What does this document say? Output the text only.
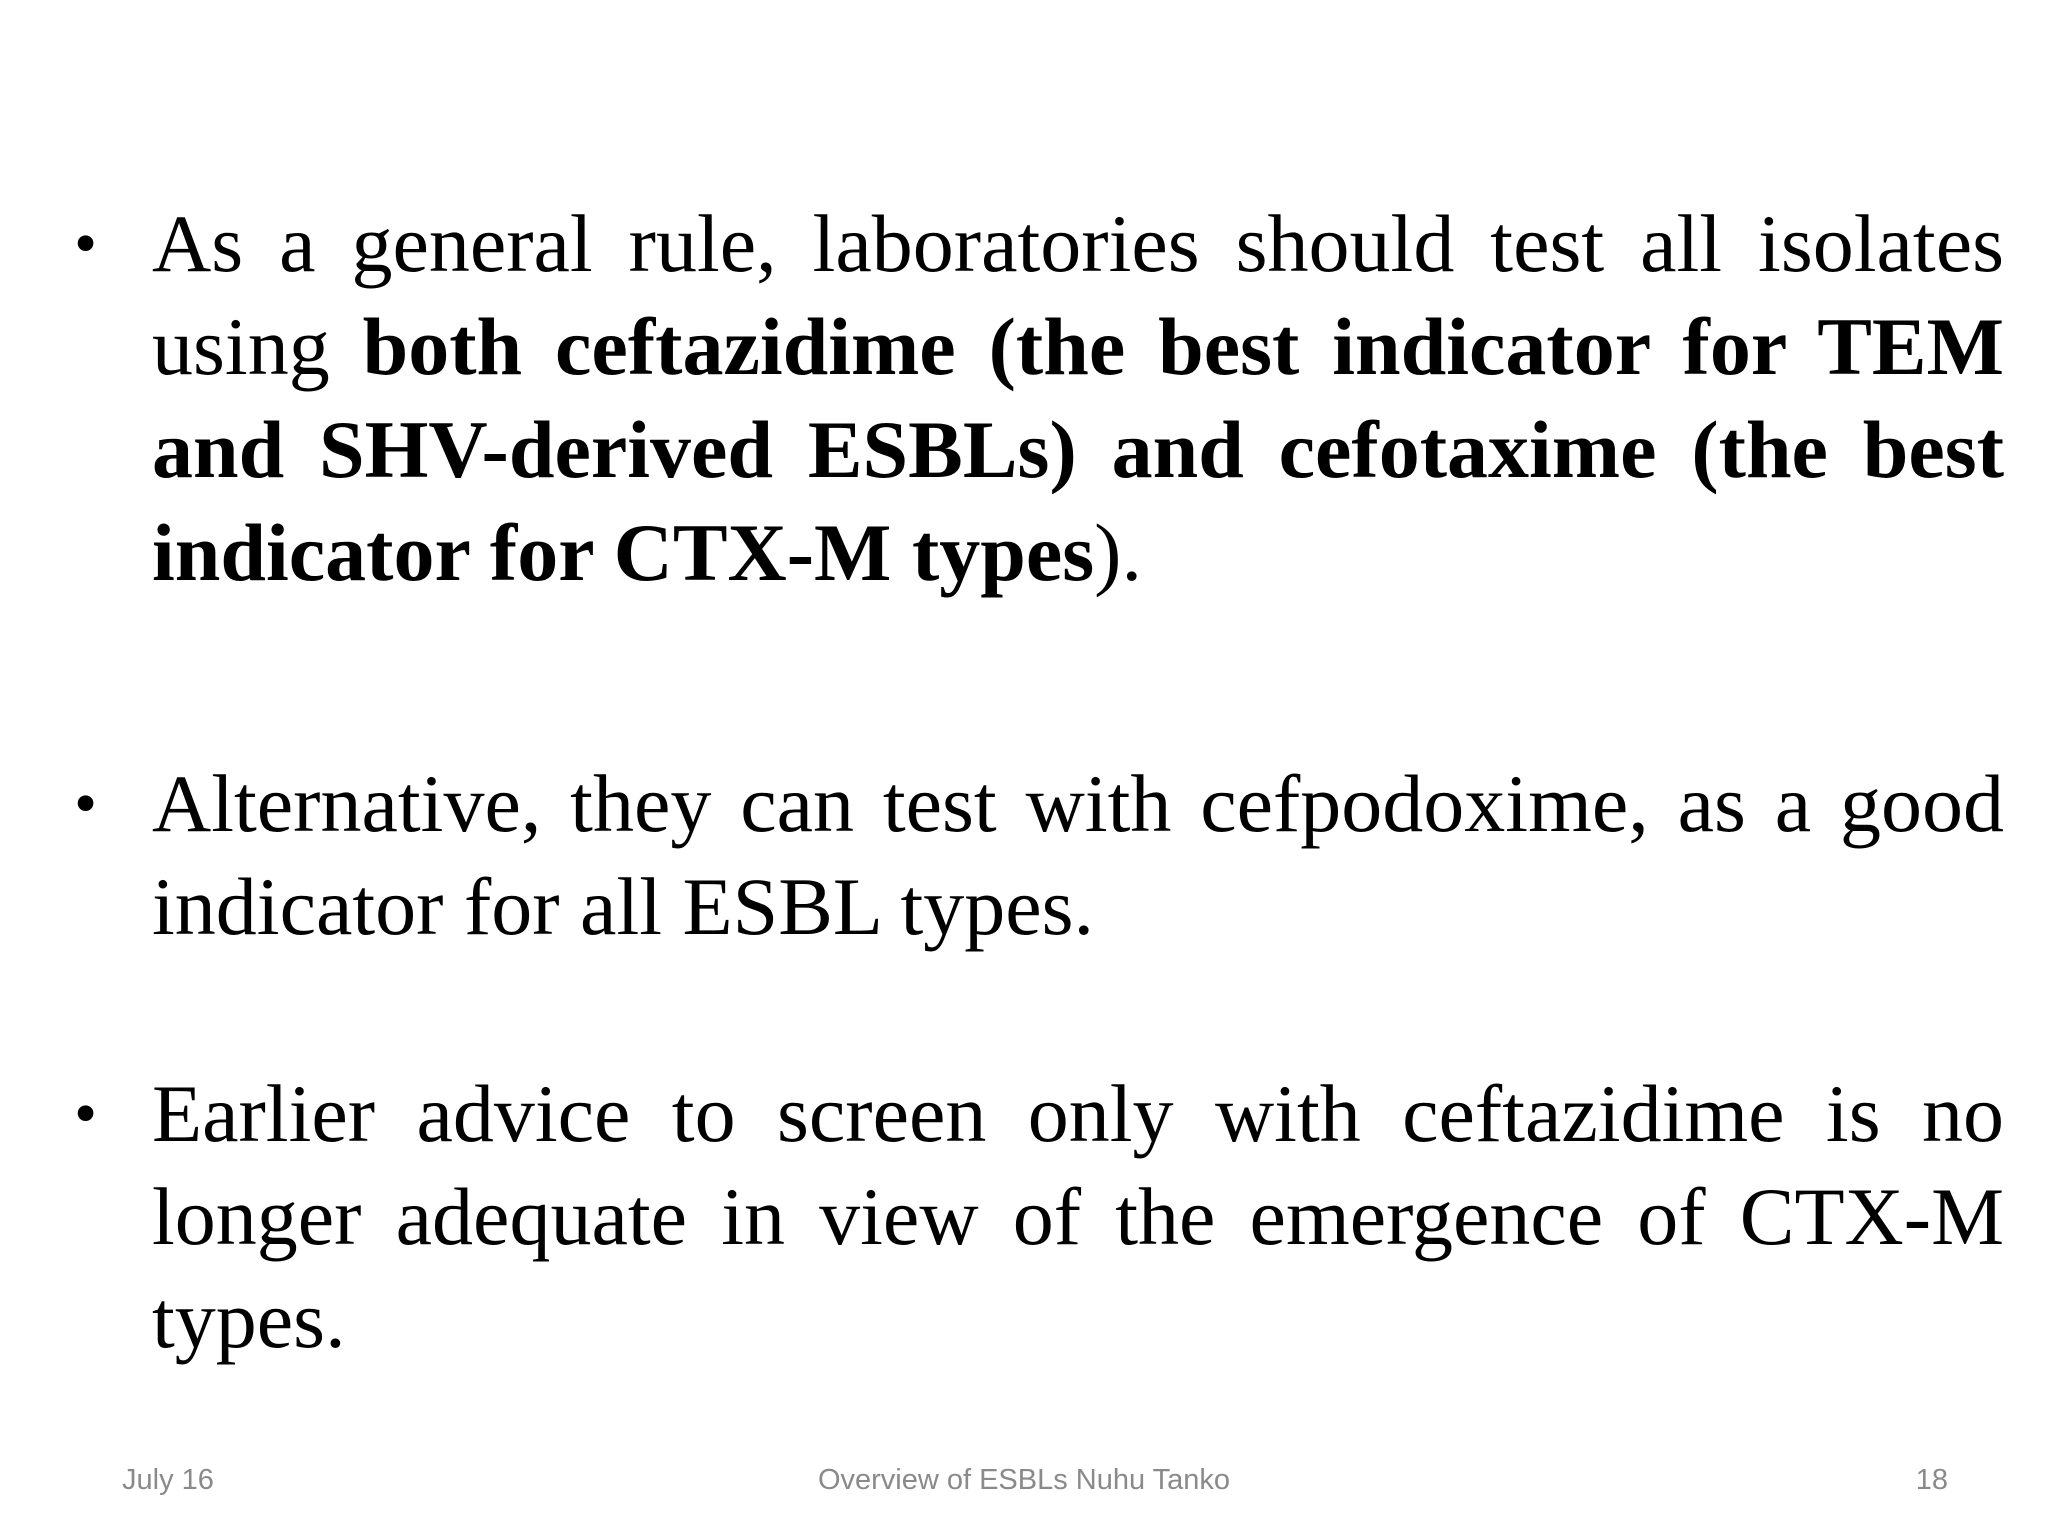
• As a general rule, laboratories should test all isolates using both ceftazidime (the best indicator for TEM and SHV-derived ESBLs) and cefotaxime (the best indicator for CTX-M types).
• Alternative, they can test with cefpodoxime, as a good indicator for all ESBL types.
• Earlier advice to screen only with ceftazidime is no longer adequate in view of the emergence of CTX-M types.
July 16	Overview of ESBLs Nuhu Tanko	18
